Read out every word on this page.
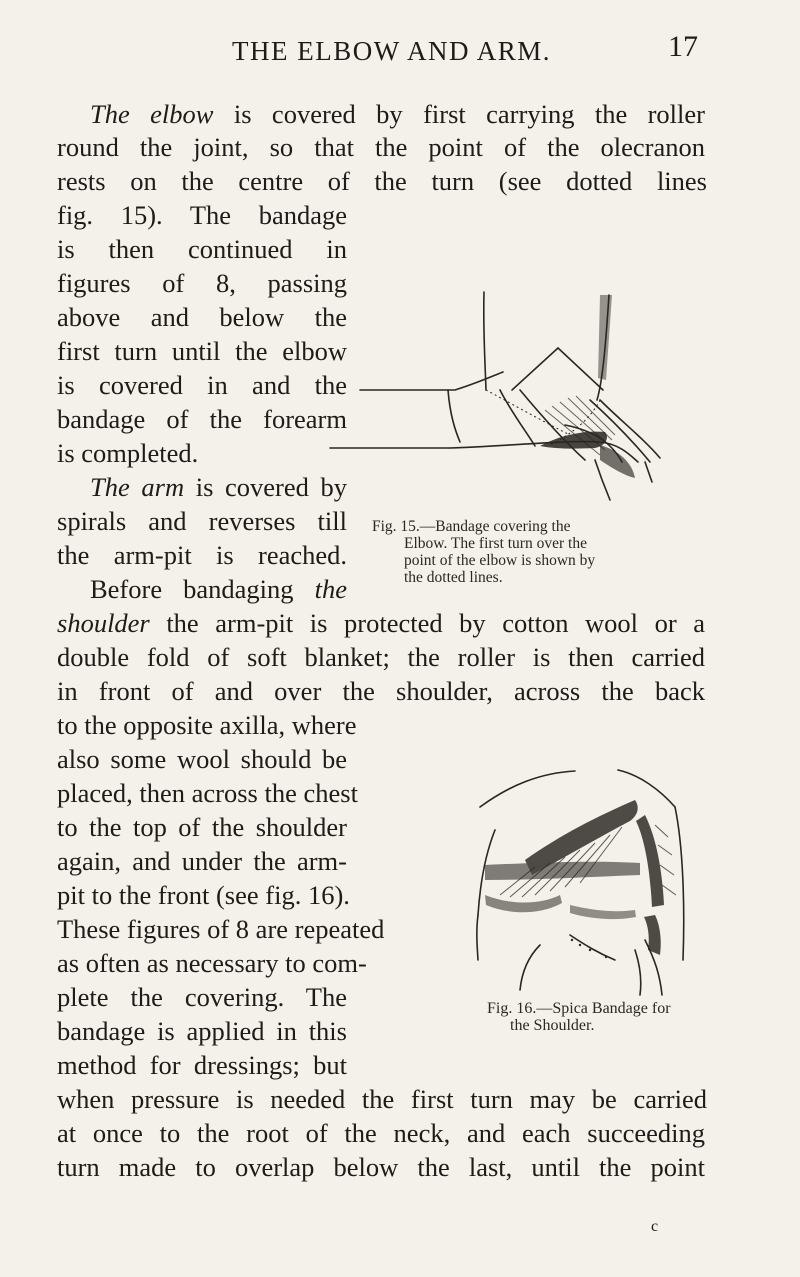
THE ELBOW AND ARM.	17
The elbow is covered by first carrying the roller
round the joint, so that the point of the olecranon
rests on the centre of the turn (see dotted lines
fig. 15). The bandage
is then continued in
figures of 8, passing
above and below the
first turn until the elbow
is covered in and the
bandage of the forearm
is completed.
The arm is covered by
spirals and reverses till
the arm-pit is reached.
Before bandaging the
shoulder the arm-pit is protected by cotton wool or a
double fold of soft blanket; the roller is then carried
in front of and over the shoulder, across the back
to the opposite axilla, where
also some wool should be
placed, then across the chest
to the top of the shoulder
again, and under the arm-
pit to the front (see fig. 16).
These figures of 8 are repeated
as often as necessary to com-
plete the covering. The
bandage is applied in this
method for dressings; but
when pressure is needed the first turn may be carried
at once to the root of the neck, and each succeeding
turn made to overlap below the last, until the point
Fig. 15.—Bandage covering the
Elbow. The first turn over the
point of the elbow is shown by
the dotted lines.
Fig. 16.—Spica Bandage for
the Shoulder.
c
